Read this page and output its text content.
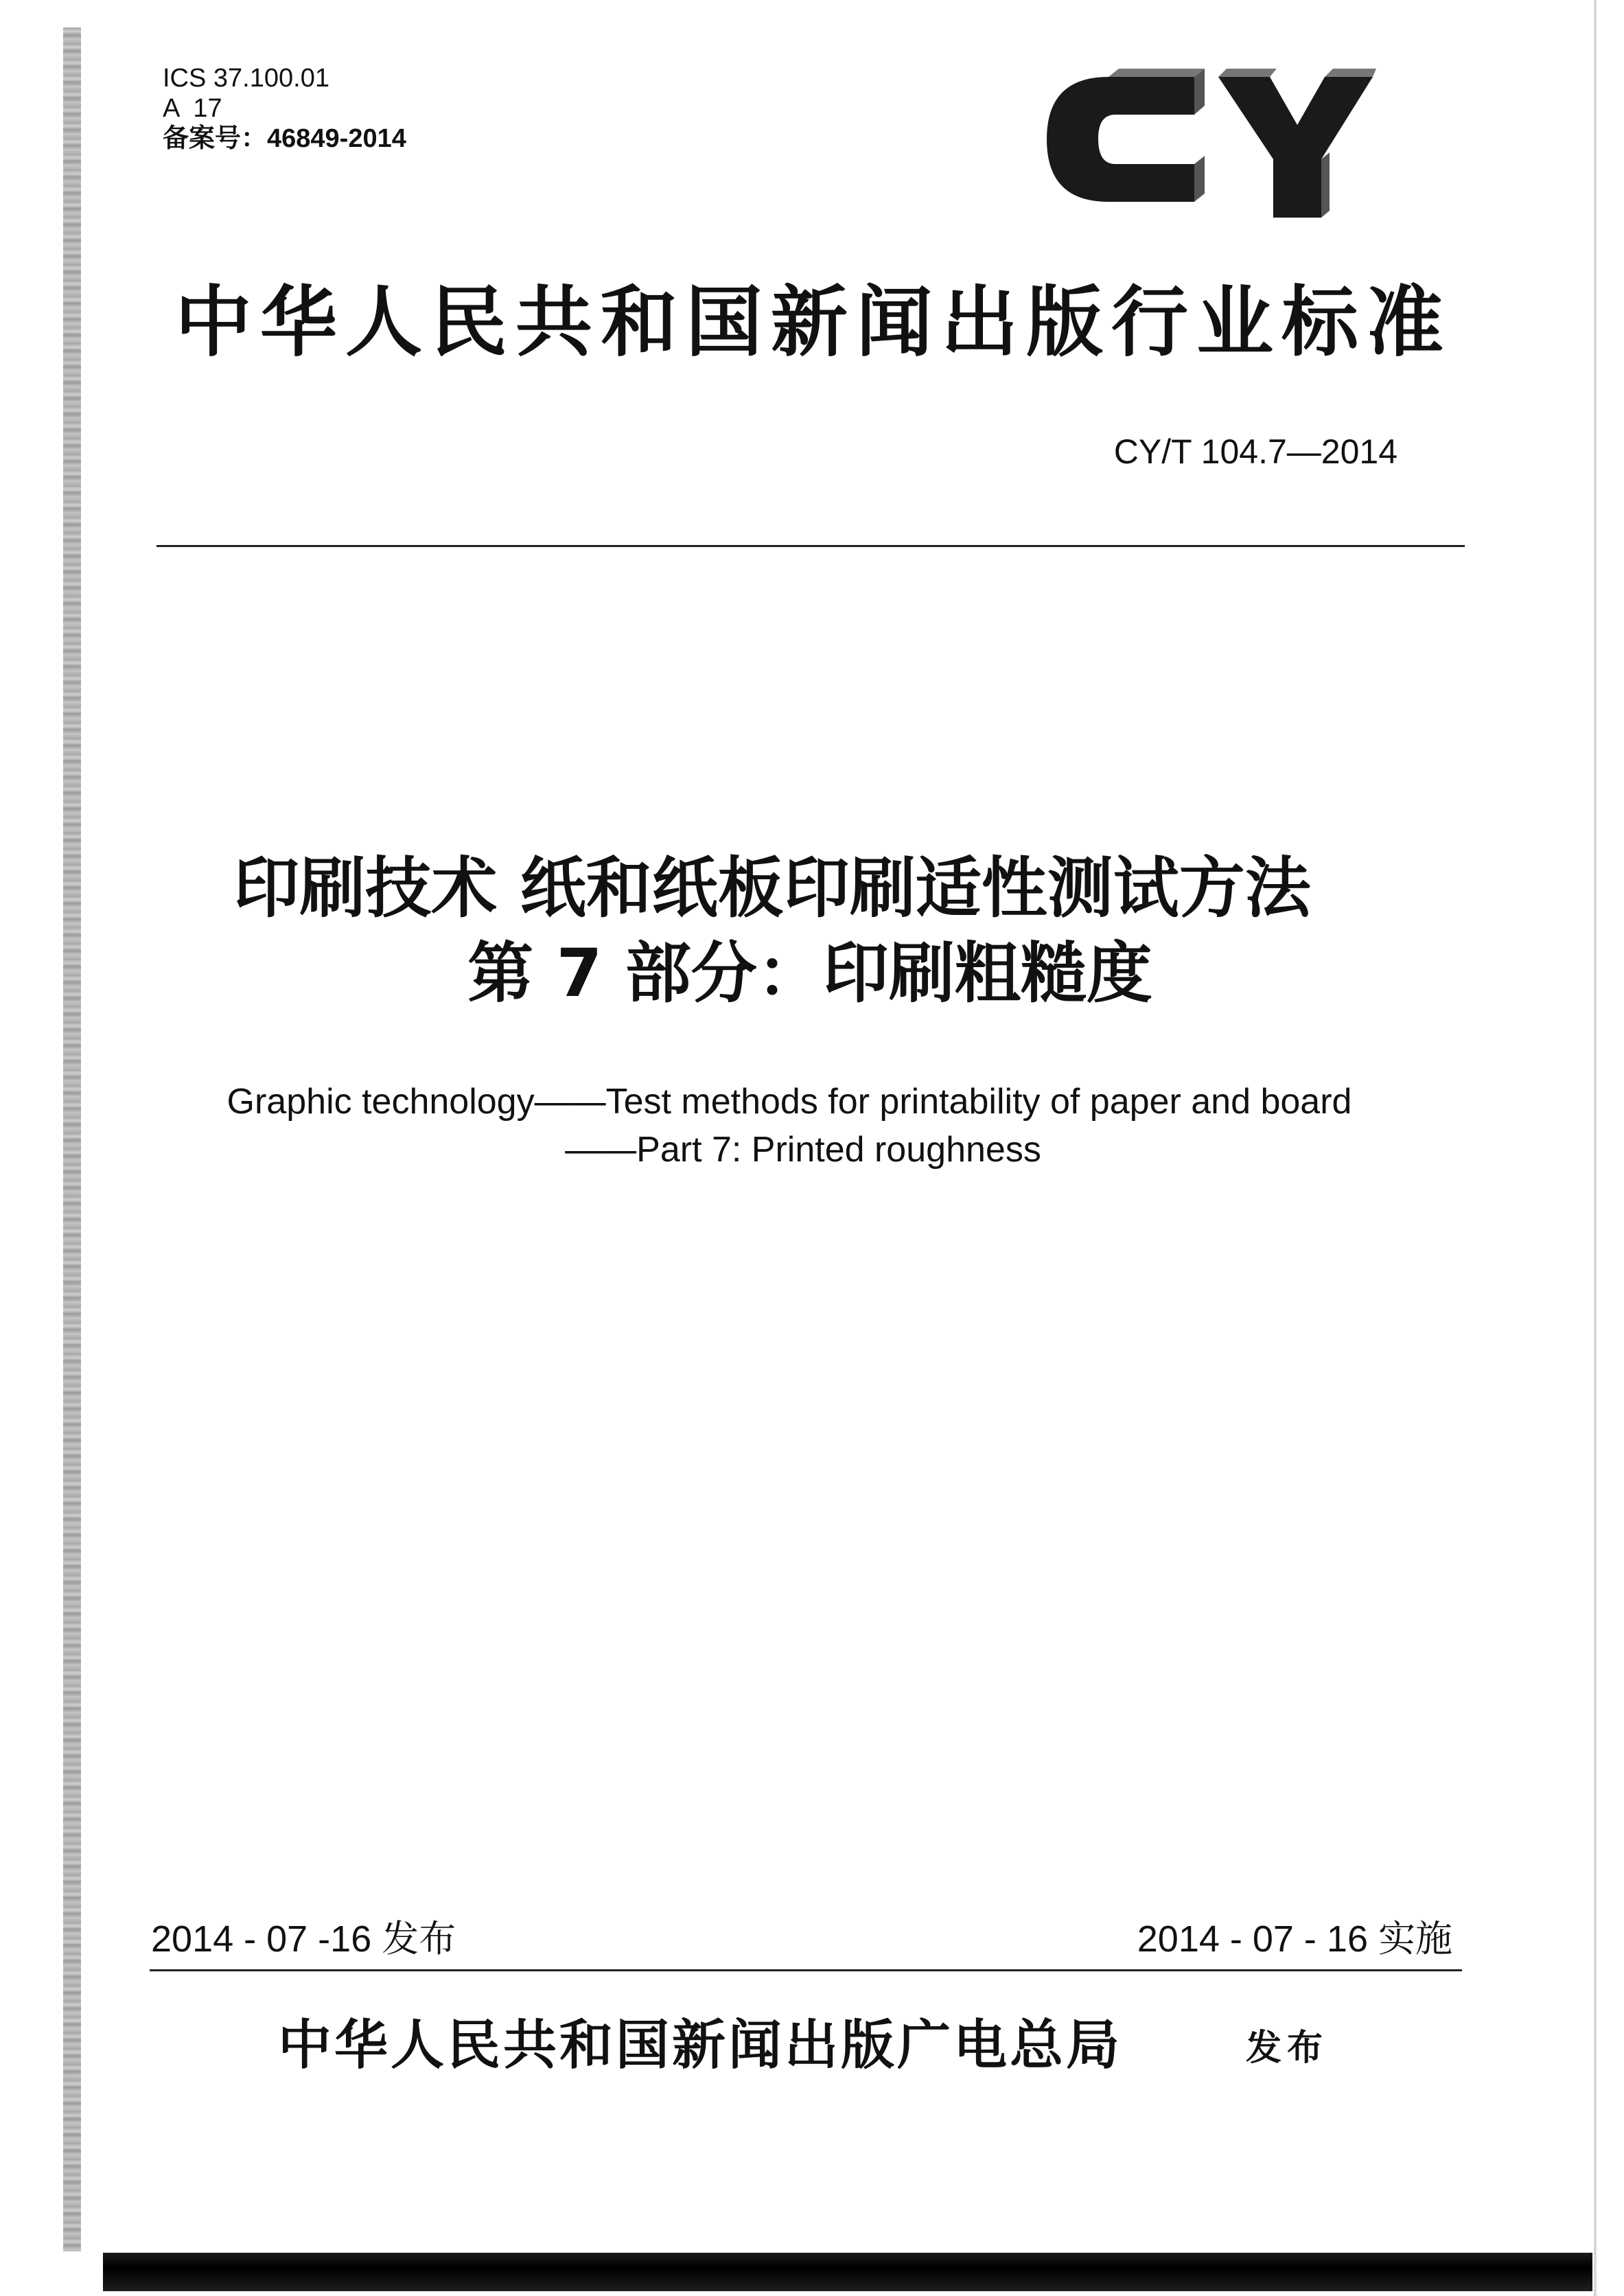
ICS 37.100.01
A  17
备案号：46849-2014
中华人民共和国新闻出版行业标准
CY/T 104.7—2014
印刷技术 纸和纸板印刷适性测试方法
第 7 部分：印刷粗糙度
Graphic technology——Test methods for printability of paper and board
——Part 7: Printed roughness
2014 - 07 -16 发布	2014 - 07 - 16 实施
中华人民共和国新闻出版广电总局	发布
